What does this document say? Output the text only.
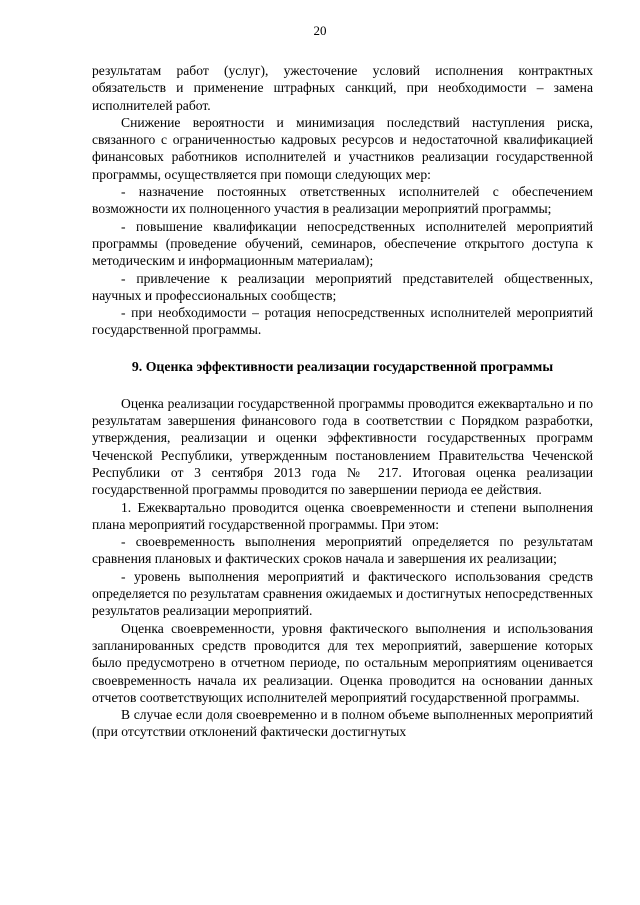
20

результатам работ (услуг), ужесточение условий исполнения контрактных обязательств и применение штрафных санкций, при необходимости – замена исполнителей работ.

Снижение вероятности и минимизация последствий наступления риска, связанного с ограниченностью кадровых ресурсов и недостаточной квалификацией финансовых работников исполнителей и участников реализации государственной программы, осуществляется при помощи следующих мер:

- назначение постоянных ответственных исполнителей с обеспечением возможности их полноценного участия в реализации мероприятий программы;

- повышение квалификации непосредственных исполнителей мероприятий программы (проведение обучений, семинаров, обеспечение открытого доступа к методическим и информационным материалам);

- привлечение к реализации мероприятий представителей общественных, научных и профессиональных сообществ;

- при необходимости – ротация непосредственных исполнителей мероприятий государственной программы.

9. Оценка эффективности реализации государственной программы

Оценка реализации государственной программы проводится ежеквартально и по результатам завершения финансового года в соответствии с Порядком разработки, утверждения, реализации и оценки эффективности государственных программ Чеченской Республики, утвержденным постановлением Правительства Чеченской Республики от 3 сентября 2013 года № 217. Итоговая оценка реализации государственной программы проводится по завершении периода ее действия.

1. Ежеквартально проводится оценка своевременности и степени выполнения плана мероприятий государственной программы. При этом:

- своевременность выполнения мероприятий определяется по результатам сравнения плановых и фактических сроков начала и завершения их реализации;

- уровень выполнения мероприятий и фактического использования средств определяется по результатам сравнения ожидаемых и достигнутых непосредственных результатов реализации мероприятий.

Оценка своевременности, уровня фактического выполнения и использования запланированных средств проводится для тех мероприятий, завершение которых было предусмотрено в отчетном периоде, по остальным мероприятиям оценивается своевременность начала их реализации. Оценка проводится на основании данных отчетов соответствующих исполнителей мероприятий государственной программы.

В случае если доля своевременно и в полном объеме выполненных мероприятий (при отсутствии отклонений фактически достигнутых
